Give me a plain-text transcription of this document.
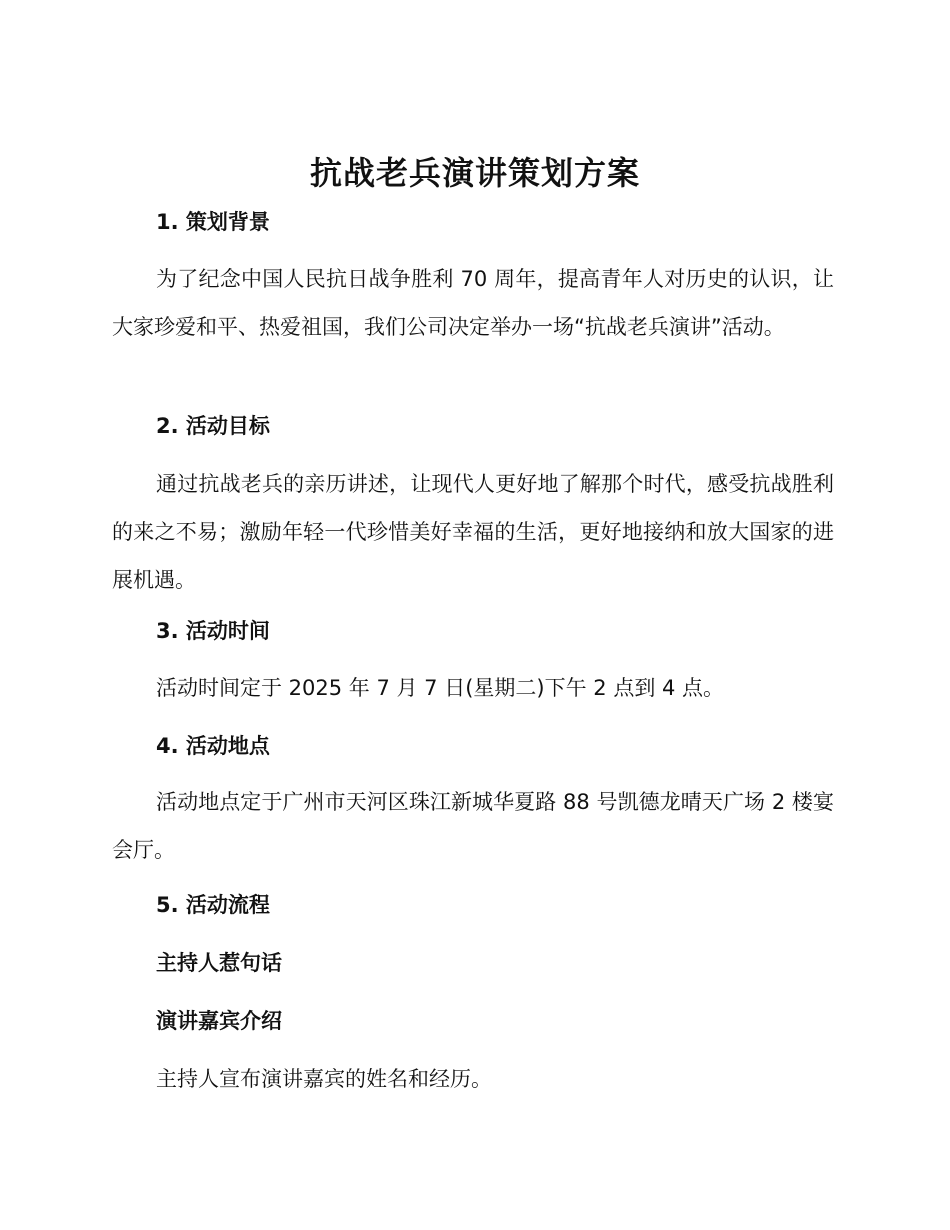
抗战老兵演讲策划方案
1. 策划背景
为了纪念中国人民抗日战争胜利 70 周年，提高青年人对历史的认识，让大家珍爱和平、热爱祖国，我们公司决定举办一场“抗战老兵演讲”活动。
2. 活动目标
通过抗战老兵的亲历讲述，让现代人更好地了解那个时代，感受抗战胜利的来之不易；激励年轻一代珍惜美好幸福的生活，更好地接纳和放大国家的进展机遇。
3. 活动时间
活动时间定于 2025 年 7 月 7 日(星期二)下午 2 点到 4 点。
4. 活动地点
活动地点定于广州市天河区珠江新城华夏路 88 号凯德龙晴天广场 2 楼宴会厅。
5. 活动流程
主持人惹句话
演讲嘉宾介绍
主持人宣布演讲嘉宾的姓名和经历。
